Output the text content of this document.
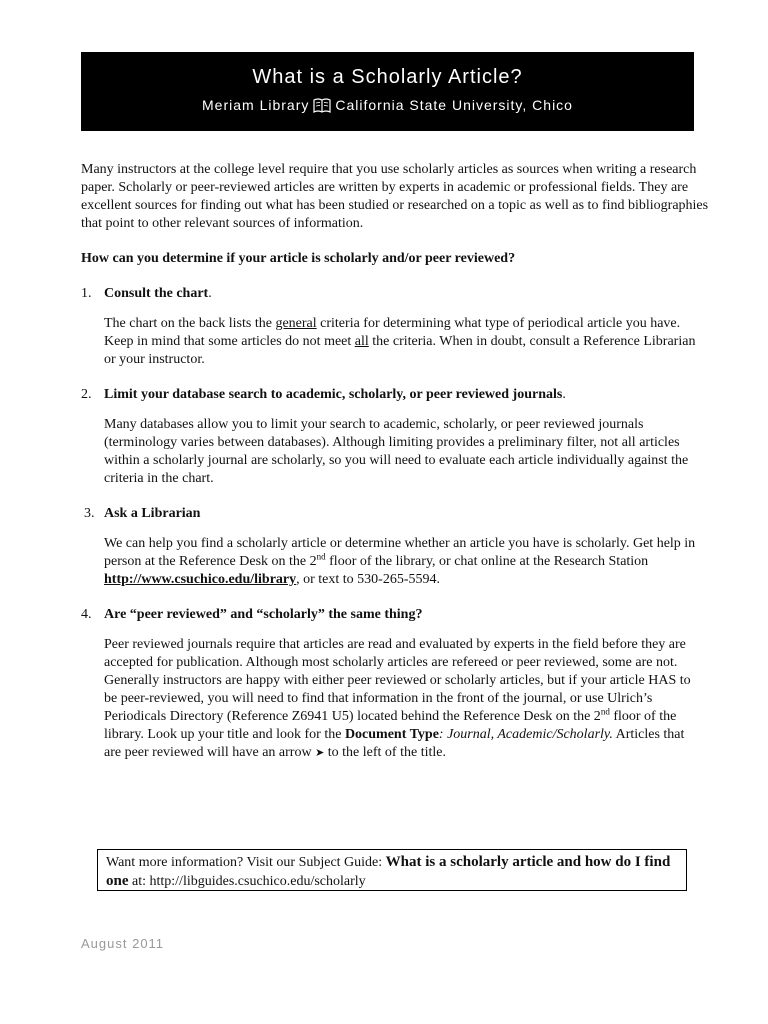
What is a Scholarly Article?
Meriam Library California State University, Chico

Many instructors at the college level require that you use scholarly articles as sources when writing a research paper. Scholarly or peer-reviewed articles are written by experts in academic or professional fields. They are excellent sources for finding out what has been studied or researched on a topic as well as to find bibliographies that point to other relevant sources of information.

How can you determine if your article is scholarly and/or peer reviewed?

1. Consult the chart.

The chart on the back lists the general criteria for determining what type of periodical article you have. Keep in mind that some articles do not meet all the criteria. When in doubt, consult a Reference Librarian or your instructor.

2. Limit your database search to academic, scholarly, or peer reviewed journals.

Many databases allow you to limit your search to academic, scholarly, or peer reviewed journals (terminology varies between databases). Although limiting provides a preliminary filter, not all articles within a scholarly journal are scholarly, so you will need to evaluate each article individually against the criteria in the chart.

3. Ask a Librarian

We can help you find a scholarly article or determine whether an article you have is scholarly. Get help in person at the Reference Desk on the 2nd floor of the library, or chat online at the Research Station http://www.csuchico.edu/library, or text to 530-265-5594.

4. Are “peer reviewed” and “scholarly” the same thing?

Peer reviewed journals require that articles are read and evaluated by experts in the field before they are accepted for publication. Although most scholarly articles are refereed or peer reviewed, some are not. Generally instructors are happy with either peer reviewed or scholarly articles, but if your article HAS to be peer-reviewed, you will need to find that information in the front of the journal, or use Ulrich’s Periodicals Directory (Reference Z6941 U5) located behind the Reference Desk on the 2nd floor of the library. Look up your title and look for the Document Type: Journal, Academic/Scholarly. Articles that are peer reviewed will have an arrow ➤ to the left of the title.

Want more information? Visit our Subject Guide: What is a scholarly article and how do I find one at: http://libguides.csuchico.edu/scholarly
August 2011
